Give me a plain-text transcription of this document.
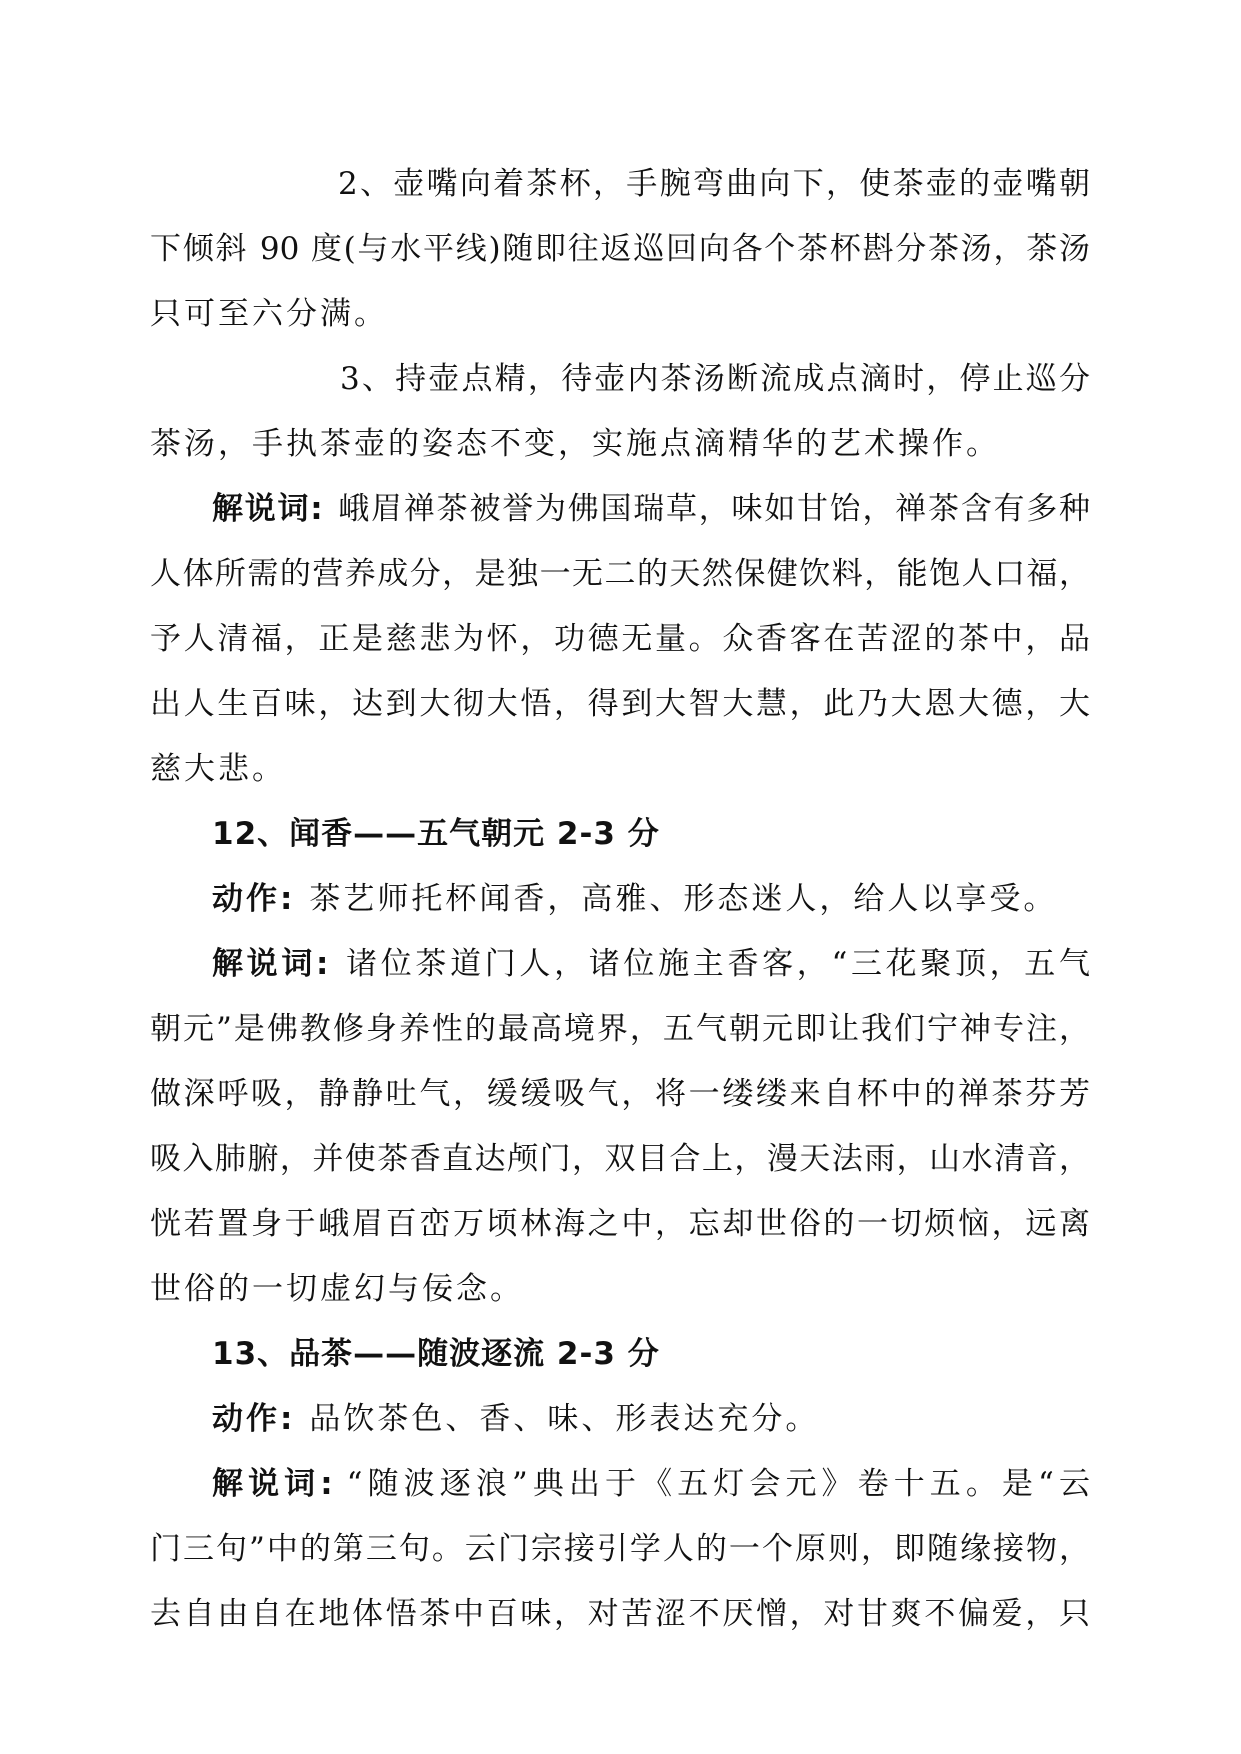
2、壶嘴向着茶杯，手腕弯曲向下，使茶壶的壶嘴朝
下倾斜 90 度(与水平线)随即往返巡回向各个茶杯斟分茶汤，茶汤
只可至六分满。
3、持壶点精，待壶内茶汤断流成点滴时，停止巡分
茶汤，手执茶壶的姿态不变，实施点滴精华的艺术操作。
解说词: 峨眉禅茶被誉为佛国瑞草，味如甘饴，禅茶含有多种
人体所需的营养成分，是独一无二的天然保健饮料，能饱人口福，
予人清福，正是慈悲为怀，功德无量。众香客在苦涩的茶中，品
出人生百味，达到大彻大悟，得到大智大慧，此乃大恩大德，大
慈大悲。
12、闻香——五气朝元 2-3 分
动作: 茶艺师托杯闻香，高雅、形态迷人，给人以享受。
解说词: 诸位茶道门人，诸位施主香客，“三花聚顶，五气
朝元”是佛教修身养性的最高境界，五气朝元即让我们宁神专注，
做深呼吸，静静吐气，缓缓吸气，将一缕缕来自杯中的禅茶芬芳
吸入肺腑，并使茶香直达颅门，双目合上，漫天法雨，山水清音，
恍若置身于峨眉百峦万顷林海之中，忘却世俗的一切烦恼，远离
世俗的一切虚幻与佞念。
13、品茶——随波逐流 2-3 分
动作: 品饮茶色、香、味、形表达充分。
解说词: “随波逐浪”典出于《五灯会元》卷十五。是“云
门三句”中的第三句。云门宗接引学人的一个原则，即随缘接物，
去自由自在地体悟茶中百味，对苦涩不厌憎，对甘爽不偏爱，只
